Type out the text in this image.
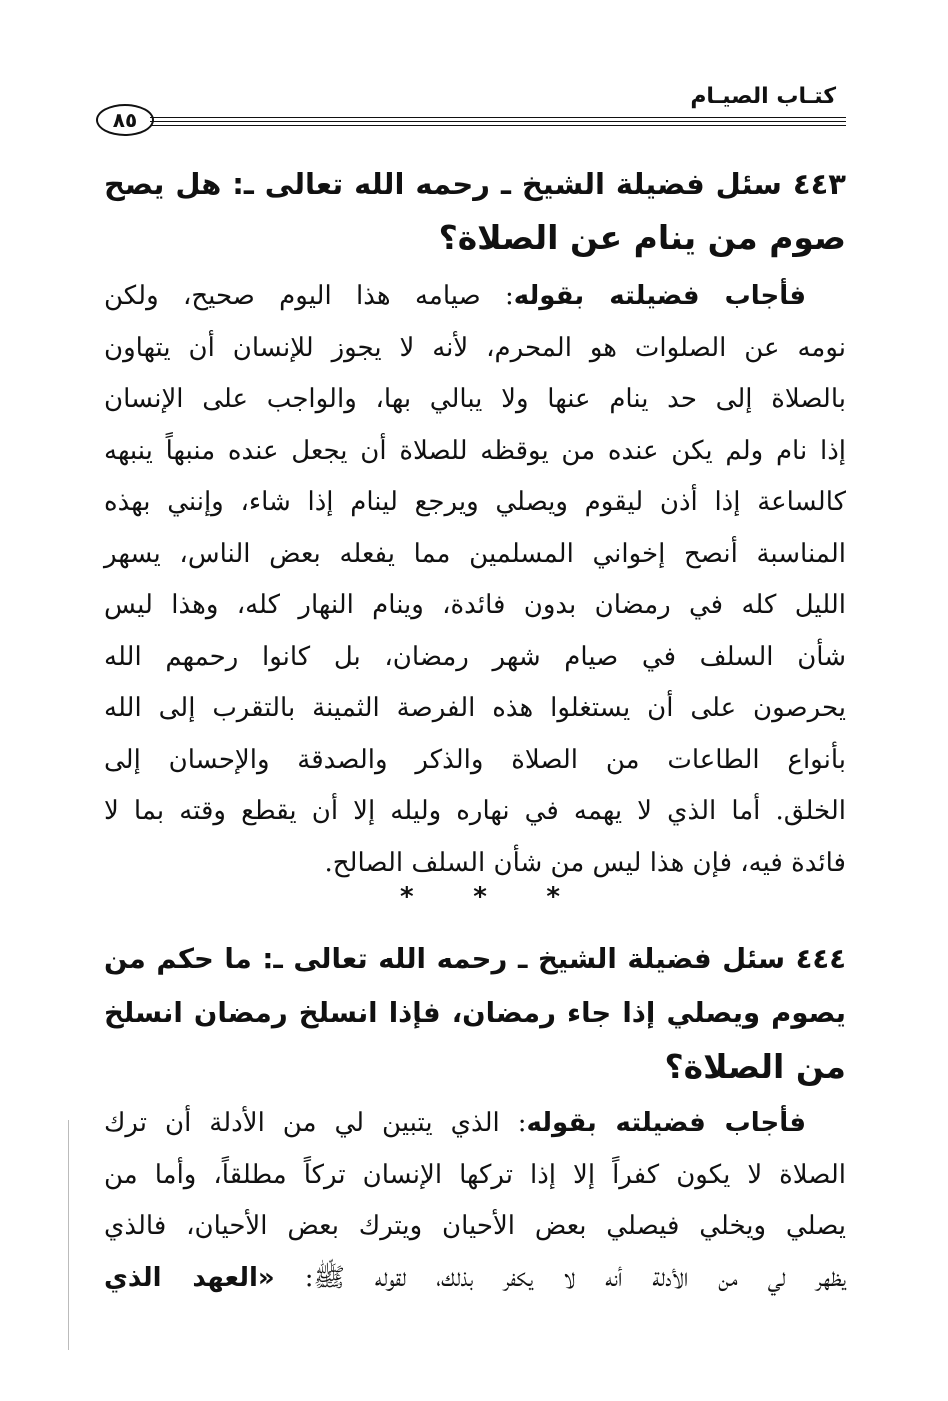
كتـاب الصيـام
٨٥
٤٤٣ سئل فضيلة الشيخ ـ رحمه الله تعالى ـ: هل يصح
صوم من ينام عن الصلاة؟
فأجاب فضيلته بقوله: صيامه هذا اليوم صحيح، ولكن
نومه عن الصلوات هو المحرم، لأنه لا يجوز للإنسان أن يتهاون
بالصلاة إلى حد ينام عنها ولا يبالي بها، والواجب على الإنسان
إذا نام ولم يكن عنده من يوقظه للصلاة أن يجعل عنده منبهاً ينبهه
كالساعة إذا أذن ليقوم ويصلي ويرجع لينام إذا شاء، وإنني بهذه
المناسبة أنصح إخواني المسلمين مما يفعله بعض الناس، يسهر
الليل كله في رمضان بدون فائدة، وينام النهار كله، وهذا ليس
شأن السلف في صيام شهر رمضان، بل كانوا رحمهم الله
يحرصون على أن يستغلوا هذه الفرصة الثمينة بالتقرب إلى الله
بأنواع الطاعات من الصلاة والذكر والصدقة والإحسان إلى
الخلق. أما الذي لا يهمه في نهاره وليله إلا أن يقطع وقته بما لا
فائدة فيه، فإن هذا ليس من شأن السلف الصالح.
* * *
٤٤٤ سئل فضيلة الشيخ ـ رحمه الله تعالى ـ: ما حكم من
يصوم ويصلي إذا جاء رمضان، فإذا انسلخ رمضان انسلخ
من الصلاة؟
فأجاب فضيلته بقوله: الذي يتبين لي من الأدلة أن ترك
الصلاة لا يكون كفراً إلا إذا تركها الإنسان تركاً مطلقاً، وأما من
يصلي ويخلي فيصلي بعض الأحيان ويترك بعض الأحيان، فالذي
يظهر لي من الأدلة أنه لا يكفر بذلك، لقوله ﷺ: «العهد الذي
